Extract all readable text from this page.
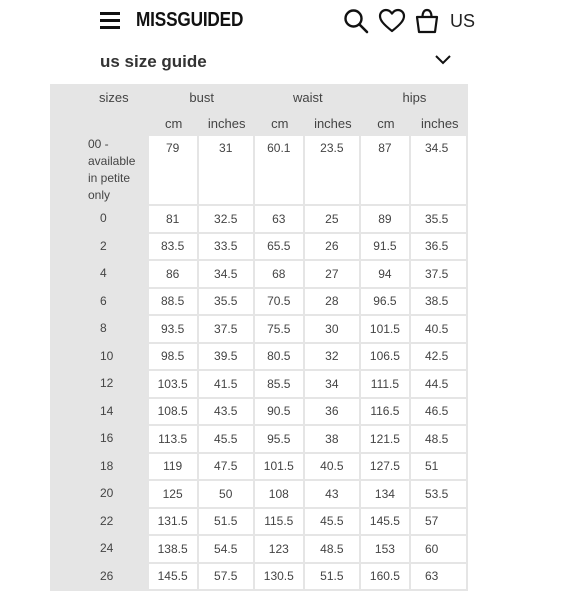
MISSGUIDED	US
us size guide
sizes	bust		waist		hips	
	cm	inches	cm	inches	cm	inches

00 -
available
in petite
only	79	31	60.1	23.5	87	34.5
0	81	32.5	63	25	89	35.5
2	83.5	33.5	65.5	26	91.5	36.5
4	86	34.5	68	27	94	37.5
6	88.5	35.5	70.5	28	96.5	38.5
8	93.5	37.5	75.5	30	101.5	40.5
10	98.5	39.5	80.5	32	106.5	42.5
12	103.5	41.5	85.5	34	111.5	44.5
14	108.5	43.5	90.5	36	116.5	46.5
16	113.5	45.5	95.5	38	121.5	48.5
18	119	47.5	101.5	40.5	127.5	51
20	125	50	108	43	134	53.5
22	131.5	51.5	115.5	45.5	145.5	57
24	138.5	54.5	123	48.5	153	60
26	145.5	57.5	130.5	51.5	160.5	63
